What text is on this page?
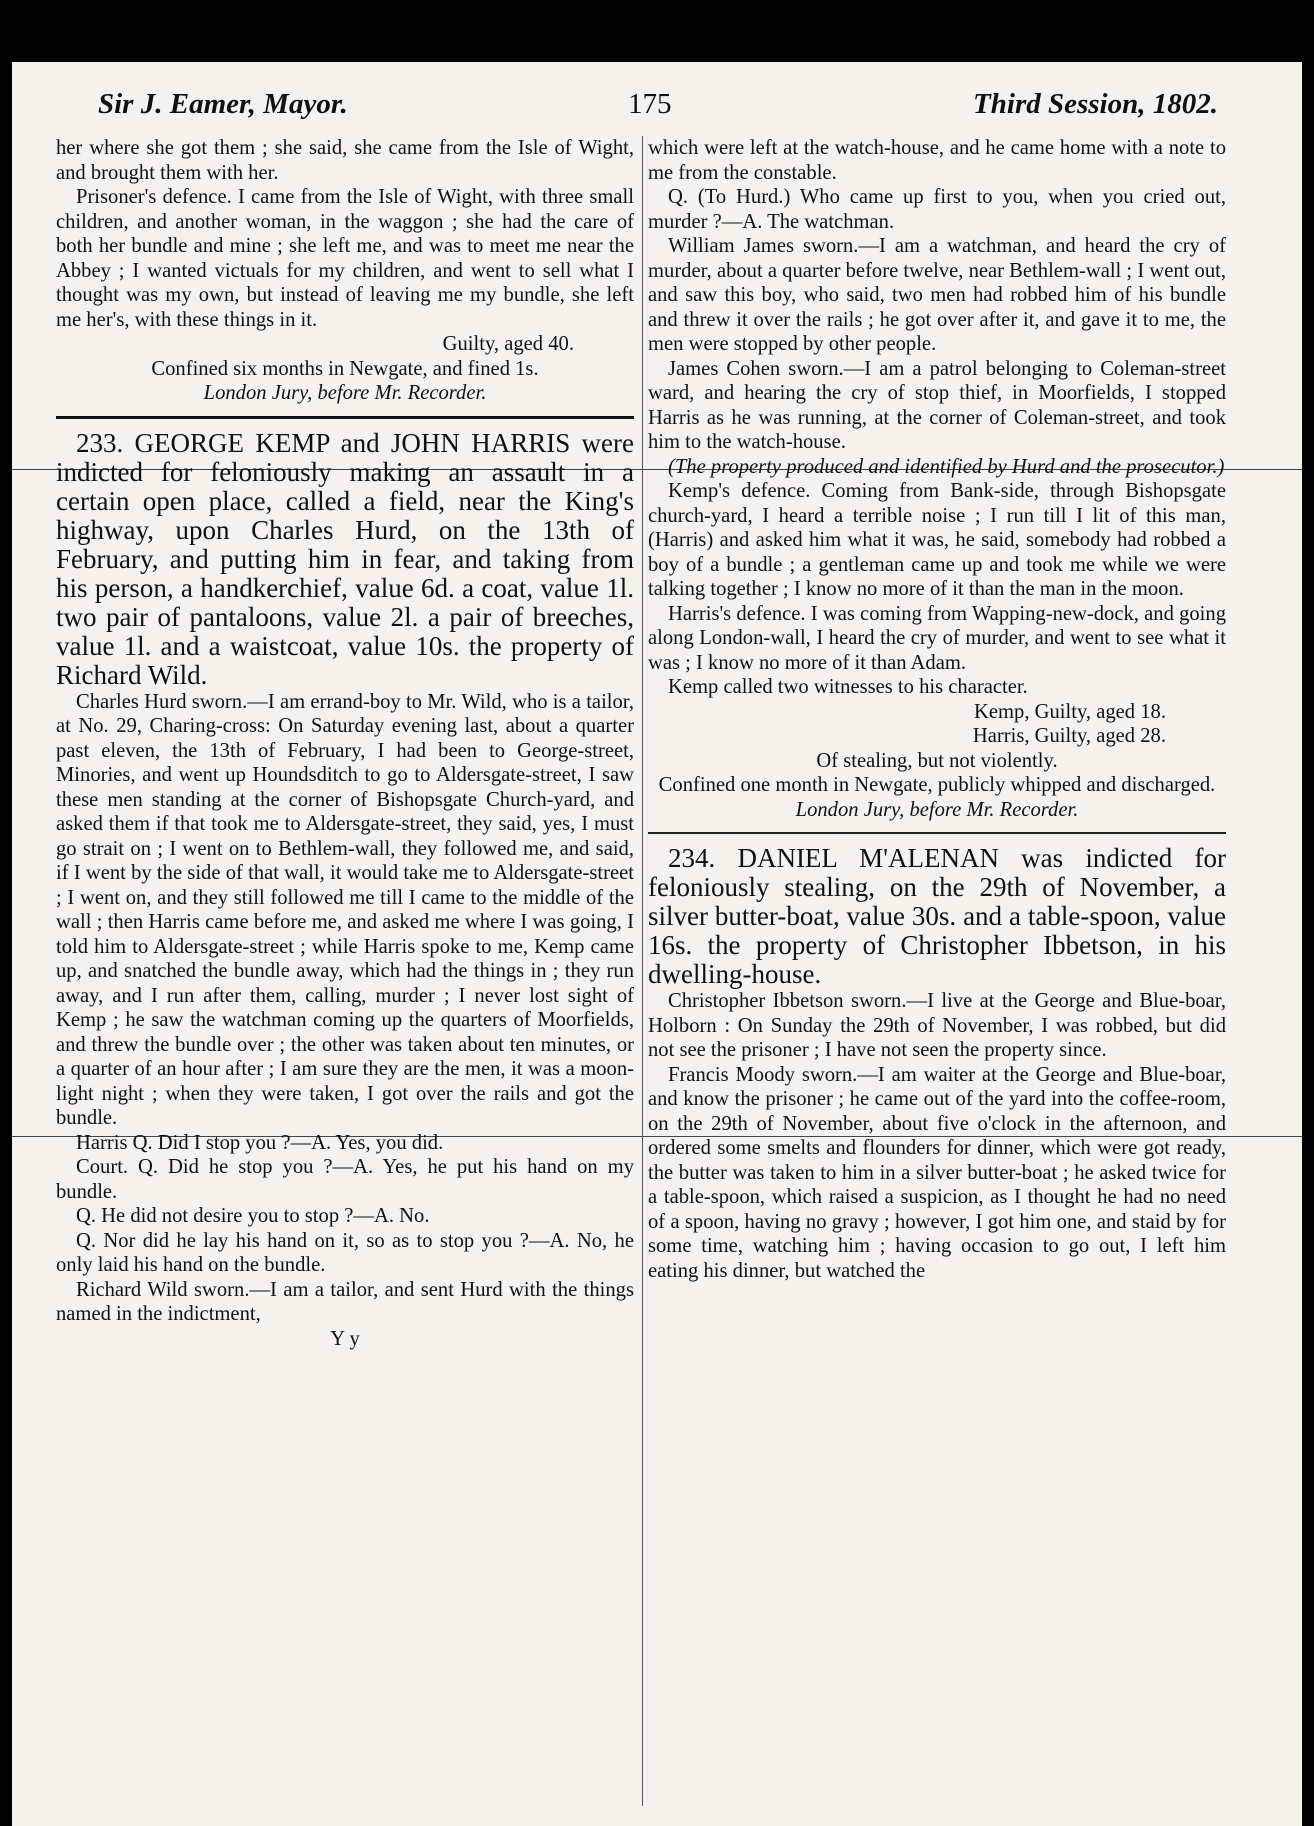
Sir J. Eamer, Mayor.	175	Third Session, 1802.

her where she got them ; she said, she came from the Isle of Wight, and brought them with her.

Prisoner's defence. I came from the Isle of Wight, with three small children, and another woman, in the waggon ; she had the care of both her bundle and mine ; she left me, and was to meet me near the Abbey ; I wanted victuals for my children, and went to sell what I thought was my own, but instead of leaving me my bundle, she left me her's, with these things in it.

Guilty, aged 40.

Confined six months in Newgate, and fined 1s.

London Jury, before Mr. Recorder.

233. GEORGE KEMP and JOHN HARRIS were indicted for feloniously making an assault in a certain open place, called a field, near the King's highway, upon Charles Hurd, on the 13th of February, and putting him in fear, and taking from his person, a handkerchief, value 6d. a coat, value 1l. two pair of pantaloons, value 2l. a pair of breeches, value 1l. and a waistcoat, value 10s. the property of Richard Wild.

Charles Hurd sworn.—I am errand-boy to Mr. Wild, who is a tailor, at No. 29, Charing-cross: On Saturday evening last, about a quarter past eleven, the 13th of February, I had been to George-street, Minories, and went up Houndsditch to go to Aldersgate-street, I saw these men standing at the corner of Bishopsgate Church-yard, and asked them if that took me to Aldersgate-street, they said, yes, I must go strait on ; I went on to Bethlem-wall, they followed me, and said, if I went by the side of that wall, it would take me to Aldersgate-street ; I went on, and they still followed me till I came to the middle of the wall ; then Harris came before me, and asked me where I was going, I told him to Aldersgate-street ; while Harris spoke to me, Kemp came up, and snatched the bundle away, which had the things in ; they run away, and I run after them, calling, murder ; I never lost sight of Kemp ; he saw the watchman coming up the quarters of Moorfields, and threw the bundle over ; the other was taken about ten minutes, or a quarter of an hour after ; I am sure they are the men, it was a moon-light night ; when they were taken, I got over the rails and got the bundle.

Harris Q. Did I stop you ?—A. Yes, you did.

Court. Q. Did he stop you ?—A. Yes, he put his hand on my bundle.

Q. He did not desire you to stop ?—A. No.

Q. Nor did he lay his hand on it, so as to stop you ?—A. No, he only laid his hand on the bundle.

Richard Wild sworn.—I am a tailor, and sent Hurd with the things named in the indictment,

Y y

which were left at the watch-house, and he came home with a note to me from the constable.

Q. (To Hurd.) Who came up first to you, when you cried out, murder ?—A. The watchman.

William James sworn.—I am a watchman, and heard the cry of murder, about a quarter before twelve, near Bethlem-wall ; I went out, and saw this boy, who said, two men had robbed him of his bundle and threw it over the rails ; he got over after it, and gave it to me, the men were stopped by other people.

James Cohen sworn.—I am a patrol belonging to Coleman-street ward, and hearing the cry of stop thief, in Moorfields, I stopped Harris as he was running, at the corner of Coleman-street, and took him to the watch-house.

(The property produced and identified by Hurd and the prosecutor.)

Kemp's defence. Coming from Bank-side, through Bishopsgate church-yard, I heard a terrible noise ; I run till I lit of this man, (Harris) and asked him what it was, he said, somebody had robbed a boy of a bundle ; a gentleman came up and took me while we were talking together ; I know no more of it than the man in the moon.

Harris's defence. I was coming from Wapping-new-dock, and going along London-wall, I heard the cry of murder, and went to see what it was ; I know no more of it than Adam.

Kemp called two witnesses to his character.

Kemp, Guilty, aged 18.

Harris, Guilty, aged 28.

Of stealing, but not violently.

Confined one month in Newgate, publicly whipped and discharged.

London Jury, before Mr. Recorder.

234. DANIEL M'ALENAN was indicted for feloniously stealing, on the 29th of November, a silver butter-boat, value 30s. and a table-spoon, value 16s. the property of Christopher Ibbetson, in his dwelling-house.

Christopher Ibbetson sworn.—I live at the George and Blue-boar, Holborn : On Sunday the 29th of November, I was robbed, but did not see the prisoner ; I have not seen the property since.

Francis Moody sworn.—I am waiter at the George and Blue-boar, and know the prisoner ; he came out of the yard into the coffee-room, on the 29th of November, about five o'clock in the afternoon, and ordered some smelts and flounders for dinner, which were got ready, the butter was taken to him in a silver butter-boat ; he asked twice for a table-spoon, which raised a suspicion, as I thought he had no need of a spoon, having no gravy ; however, I got him one, and staid by for some time, watching him ; having occasion to go out, I left him eating his dinner, but watched the
